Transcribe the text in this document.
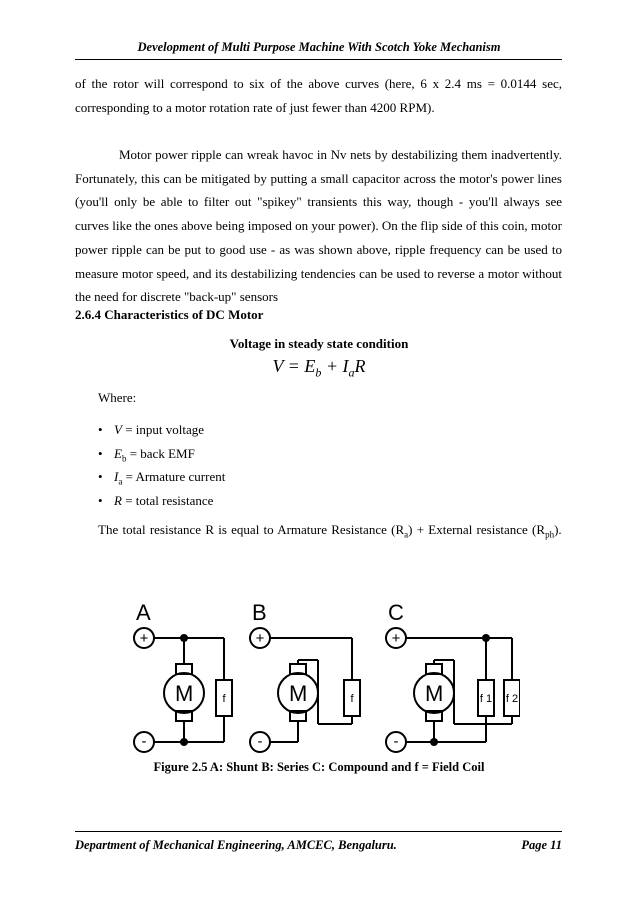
Development of Multi Purpose Machine With Scotch Yoke Mechanism

of the rotor will correspond to six of the above curves (here, 6 x 2.4 ms = 0.0144 sec, corresponding to a motor rotation rate of just fewer than 4200 RPM).

Motor power ripple can wreak havoc in Nv nets by destabilizing them inadvertently. Fortunately, this can be mitigated by putting a small capacitor across the motor's power lines (you'll only be able to filter out "spikey" transients this way, though - you'll always see curves like the ones above being imposed on your power). On the flip side of this coin, motor power ripple can be put to good use - as was shown above, ripple frequency can be used to measure motor speed, and its destabilizing tendencies can be used to reverse a motor without the need for discrete "back-up" sensors

2.6.4 Characteristics of DC Motor
Voltage in steady state condition
$V = E_b + I_aR$
Where:
• V = input voltage
• $E_b$ = back EMF
• $I_a$ = Armature current
• R = total resistance
The total resistance R is equal to Armature Resistance $(R_a)$ + External resistance $(R_{ph})$.
A	B	C
M	M	M
+	+	+
-	-	-
f	f	f 1 f 2
Figure 2.5 A: Shunt B: Series C: Compound and f = Field Coil
Department of Mechanical Engineering, AMCEC, Bengaluru.	Page 11
